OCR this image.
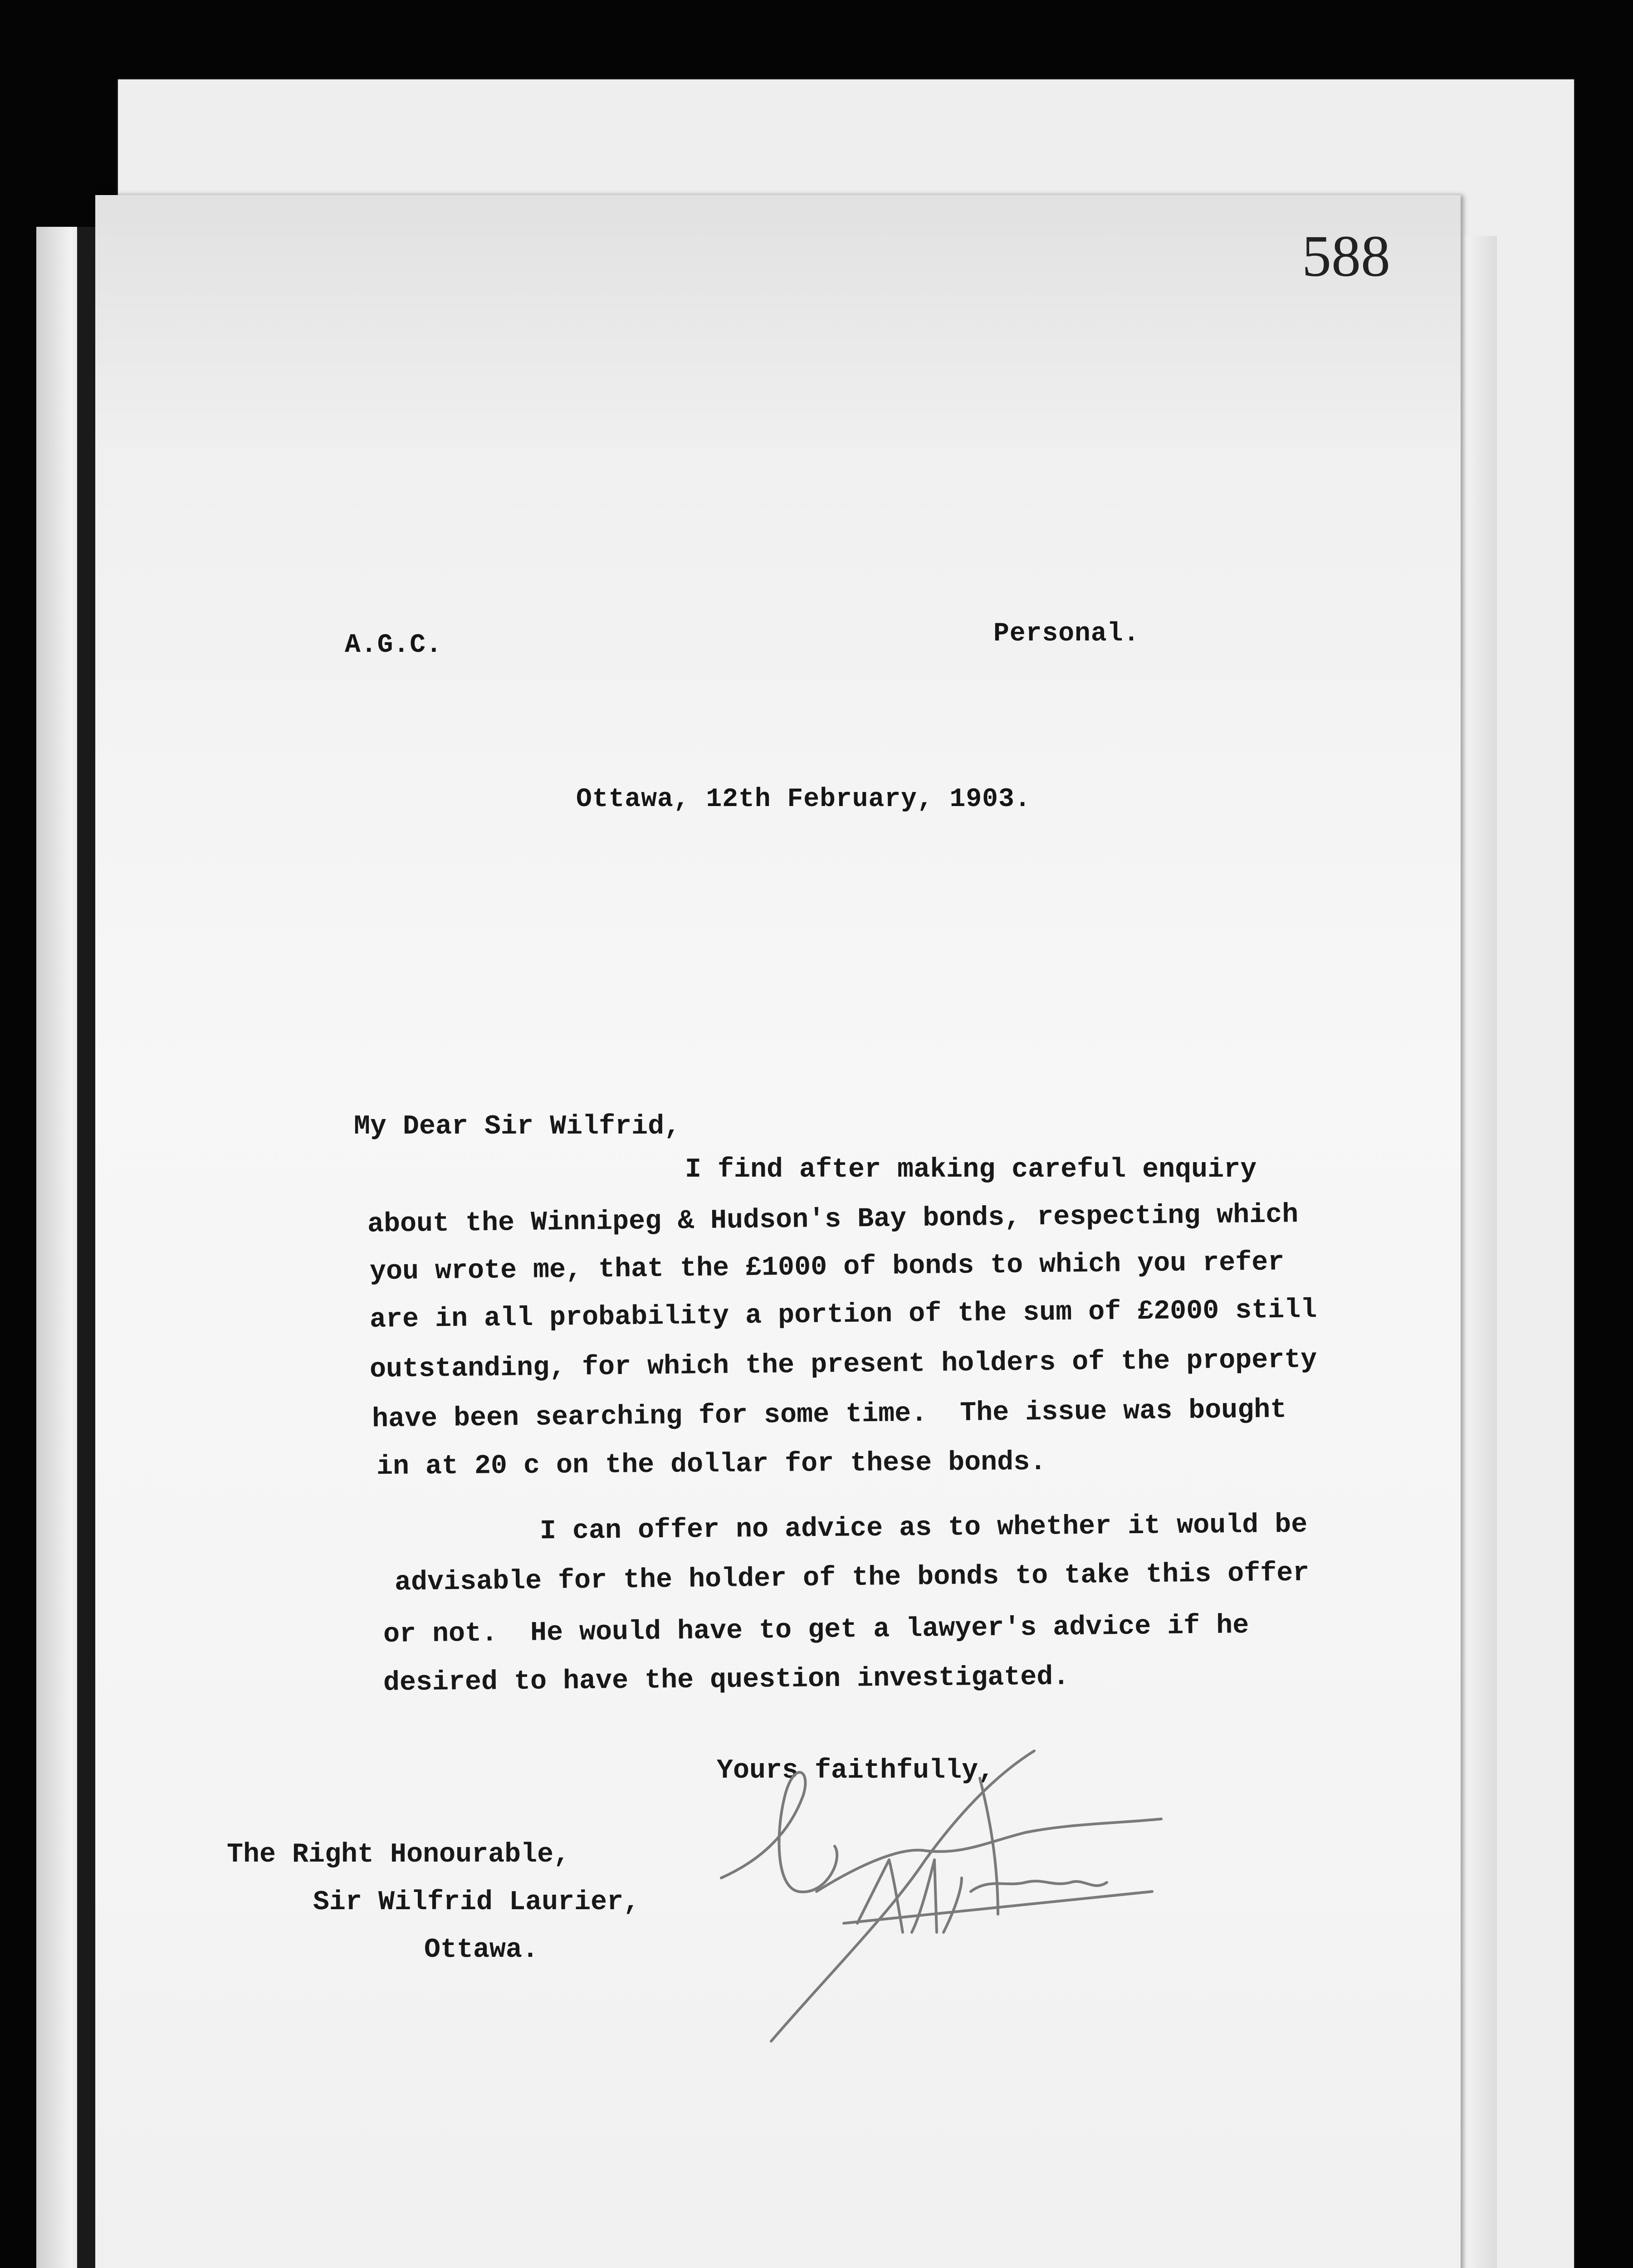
588
A.G.C.	Personal.
Ottawa, 12th February, 1903.
My Dear Sir Wilfrid,
I find after making careful enquiry
about the Winnipeg & Hudson's Bay bonds, respecting which
you wrote me, that the £1000 of bonds to which you refer
are in all probability a portion of the sum of £2000 still
outstanding, for which the present holders of the property
have been searching for some time.  The issue was bought
in at 20 c on the dollar for these bonds.
I can offer no advice as to whether it would be
advisable for the holder of the bonds to take this offer
or not.  He would have to get a lawyer's advice if he
desired to have the question investigated.
Yours faithfully,
The Right Honourable,
Sir Wilfrid Laurier,
Ottawa.
